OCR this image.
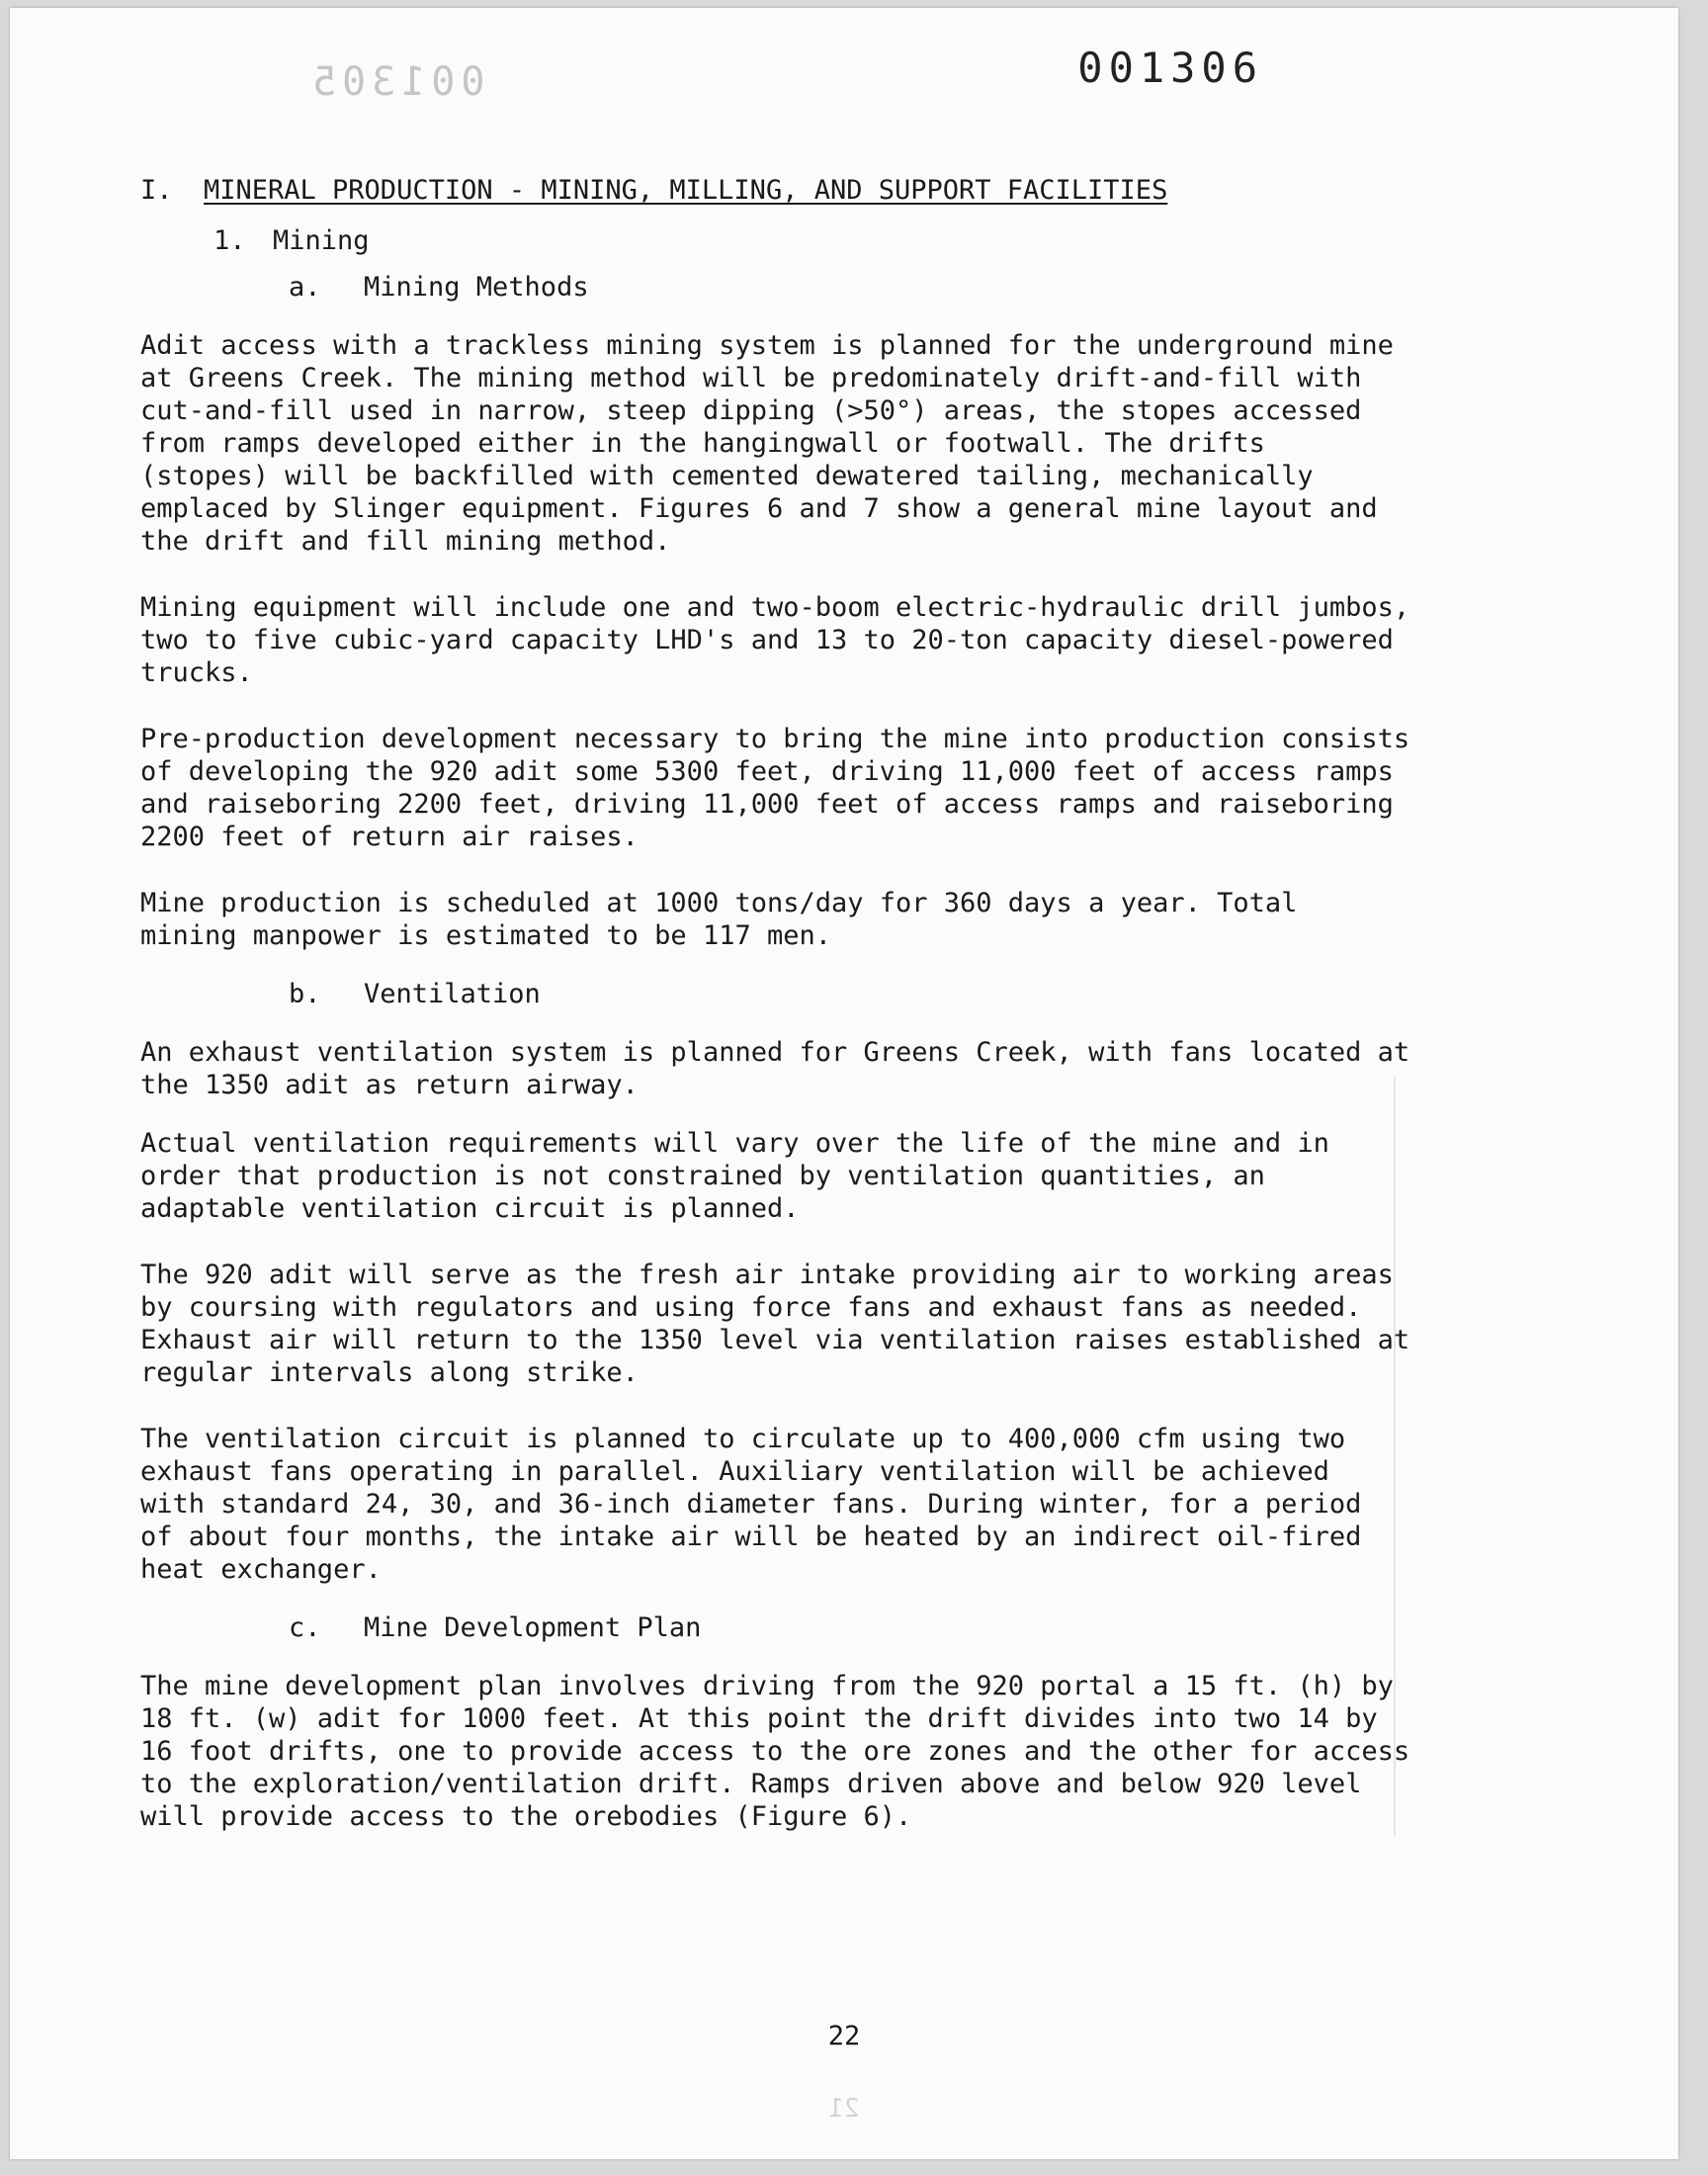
001305	001306
I. MINERAL PRODUCTION - MINING, MILLING, AND SUPPORT FACILITIES
1. Mining
a. Mining Methods

Adit access with a trackless mining system is planned for the underground mine
at Greens Creek. The mining method will be predominately drift-and-fill with
cut-and-fill used in narrow, steep dipping (>50°) areas, the stopes accessed
from ramps developed either in the hangingwall or footwall. The drifts
(stopes) will be backfilled with cemented dewatered tailing, mechanically
emplaced by Slinger equipment. Figures 6 and 7 show a general mine layout and
the drift and fill mining method.

Mining equipment will include one and two-boom electric-hydraulic drill jumbos,
two to five cubic-yard capacity LHD's and 13 to 20-ton capacity diesel-powered
trucks.

Pre-production development necessary to bring the mine into production consists
of developing the 920 adit some 5300 feet, driving 11,000 feet of access ramps
and raiseboring 2200 feet, driving 11,000 feet of access ramps and raiseboring
2200 feet of return air raises.

Mine production is scheduled at 1000 tons/day for 360 days a year. Total
mining manpower is estimated to be 117 men.

b. Ventilation

An exhaust ventilation system is planned for Greens Creek, with fans located at
the 1350 adit as return airway.

Actual ventilation requirements will vary over the life of the mine and in
order that production is not constrained by ventilation quantities, an
adaptable ventilation circuit is planned.

The 920 adit will serve as the fresh air intake providing air to working areas
by coursing with regulators and using force fans and exhaust fans as needed.
Exhaust air will return to the 1350 level via ventilation raises established at
regular intervals along strike.

The ventilation circuit is planned to circulate up to 400,000 cfm using two
exhaust fans operating in parallel. Auxiliary ventilation will be achieved
with standard 24, 30, and 36-inch diameter fans. During winter, for a period
of about four months, the intake air will be heated by an indirect oil-fired
heat exchanger.

c. Mine Development Plan

The mine development plan involves driving from the 920 portal a 15 ft. (h) by
18 ft. (w) adit for 1000 feet. At this point the drift divides into two 14 by
16 foot drifts, one to provide access to the ore zones and the other for access
to the exploration/ventilation drift. Ramps driven above and below 920 level
will provide access to the orebodies (Figure 6).

22
21
